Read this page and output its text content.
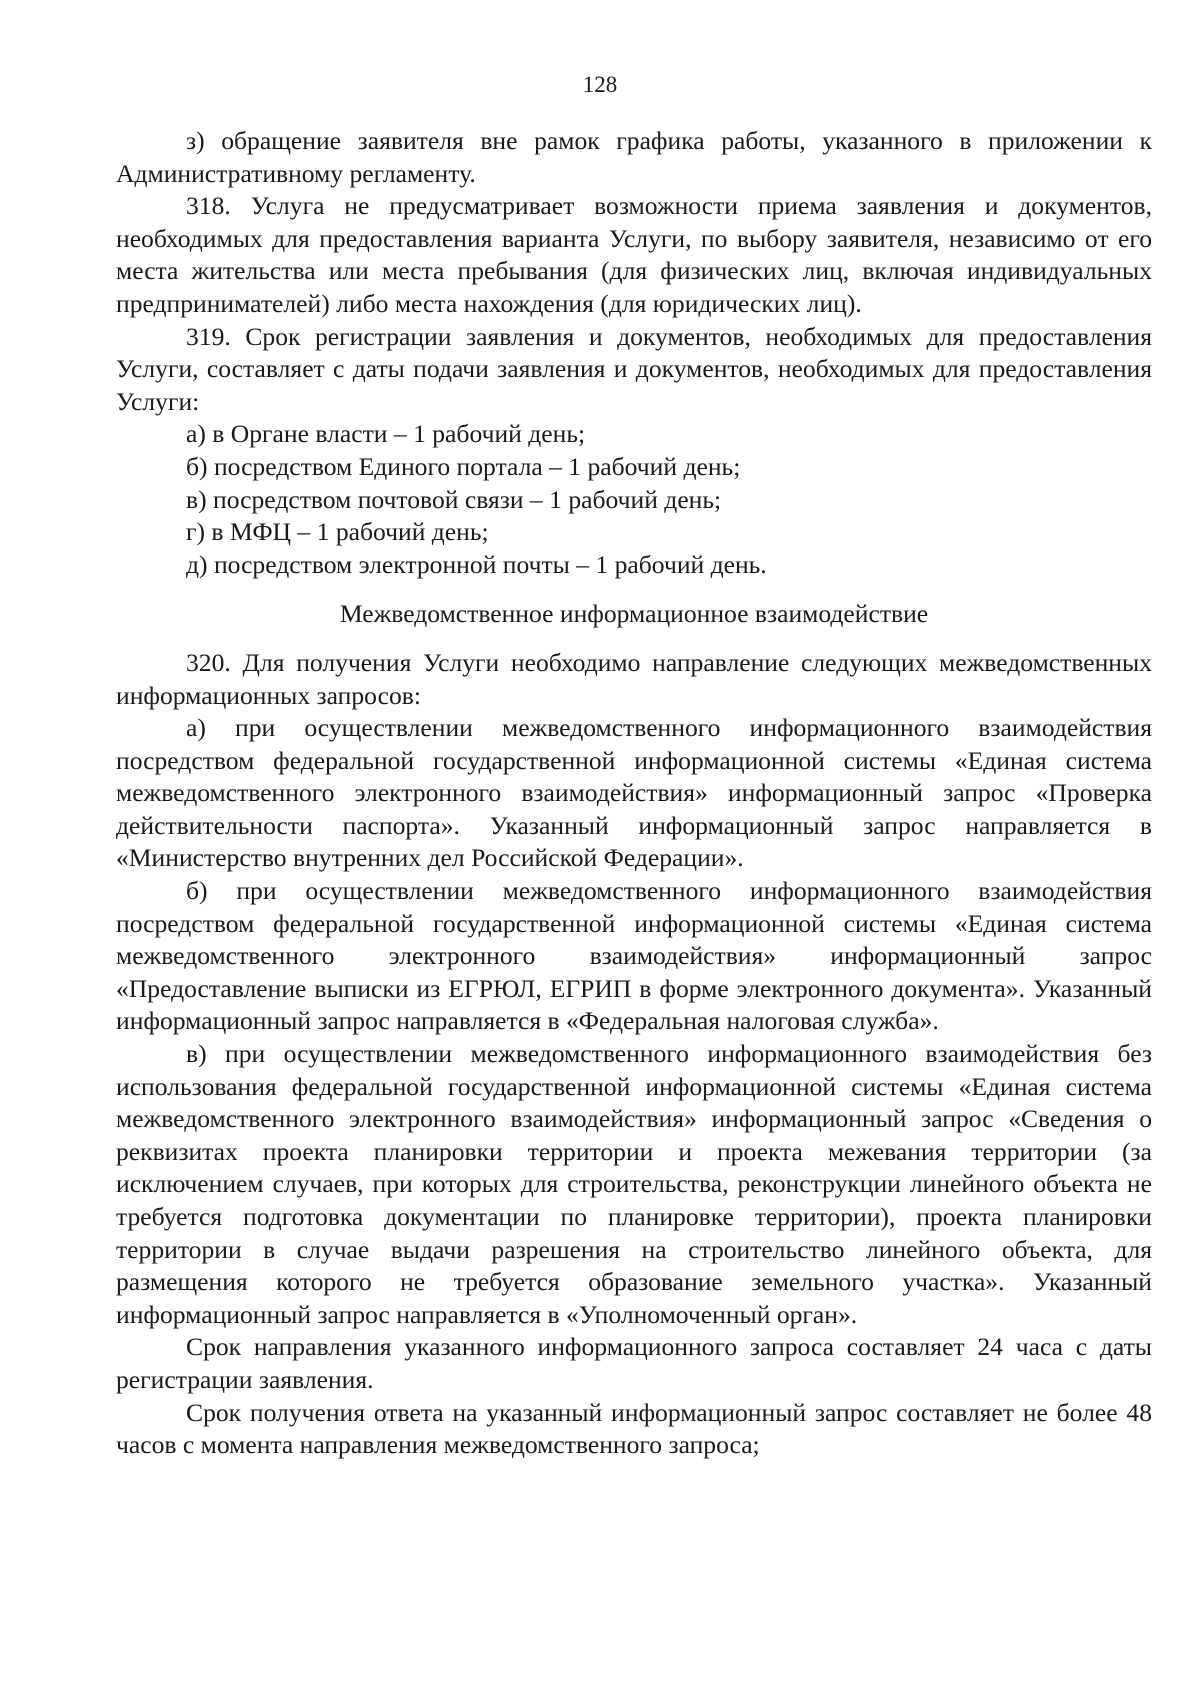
128

з) обращение заявителя вне рамок графика работы, указанного в приложении к Административному регламенту.

318. Услуга не предусматривает возможности приема заявления и документов, необходимых для предоставления варианта Услуги, по выбору заявителя, независимо от его места жительства или места пребывания (для физических лиц, включая индивидуальных предпринимателей) либо места нахождения (для юридических лиц).

319. Срок регистрации заявления и документов, необходимых для предоставления Услуги, составляет с даты подачи заявления и документов, необходимых для предоставления Услуги:

а) в Органе власти – 1 рабочий день;

б) посредством Единого портала – 1 рабочий день;

в) посредством почтовой связи – 1 рабочий день;

г) в МФЦ – 1 рабочий день;

д) посредством электронной почты – 1 рабочий день.

Межведомственное информационное взаимодействие

320. Для получения Услуги необходимо направление следующих межведомственных информационных запросов:

а) при осуществлении межведомственного информационного взаимодействия посредством федеральной государственной информационной системы «Единая система межведомственного электронного взаимодействия» информационный запрос «Проверка действительности паспорта». Указанный информационный запрос направляется в «Министерство внутренних дел Российской Федерации».

б) при осуществлении межведомственного информационного взаимодействия посредством федеральной государственной информационной системы «Единая система межведомственного электронного взаимодействия» информационный запрос «Предоставление выписки из ЕГРЮЛ, ЕГРИП в форме электронного документа». Указанный информационный запрос направляется в «Федеральная налоговая служба».

в) при осуществлении межведомственного информационного взаимодействия без использования федеральной государственной информационной системы «Единая система межведомственного электронного взаимодействия» информационный запрос «Сведения о реквизитах проекта планировки территории и проекта межевания территории (за исключением случаев, при которых для строительства, реконструкции линейного объекта не требуется подготовка документации по планировке территории), проекта планировки территории в случае выдачи разрешения на строительство линейного объекта, для размещения которого не требуется образование земельного участка». Указанный информационный запрос направляется в «Уполномоченный орган».

Срок направления указанного информационного запроса составляет 24 часа с даты регистрации заявления.

Срок получения ответа на указанный информационный запрос составляет не более 48 часов с момента направления межведомственного запроса;
